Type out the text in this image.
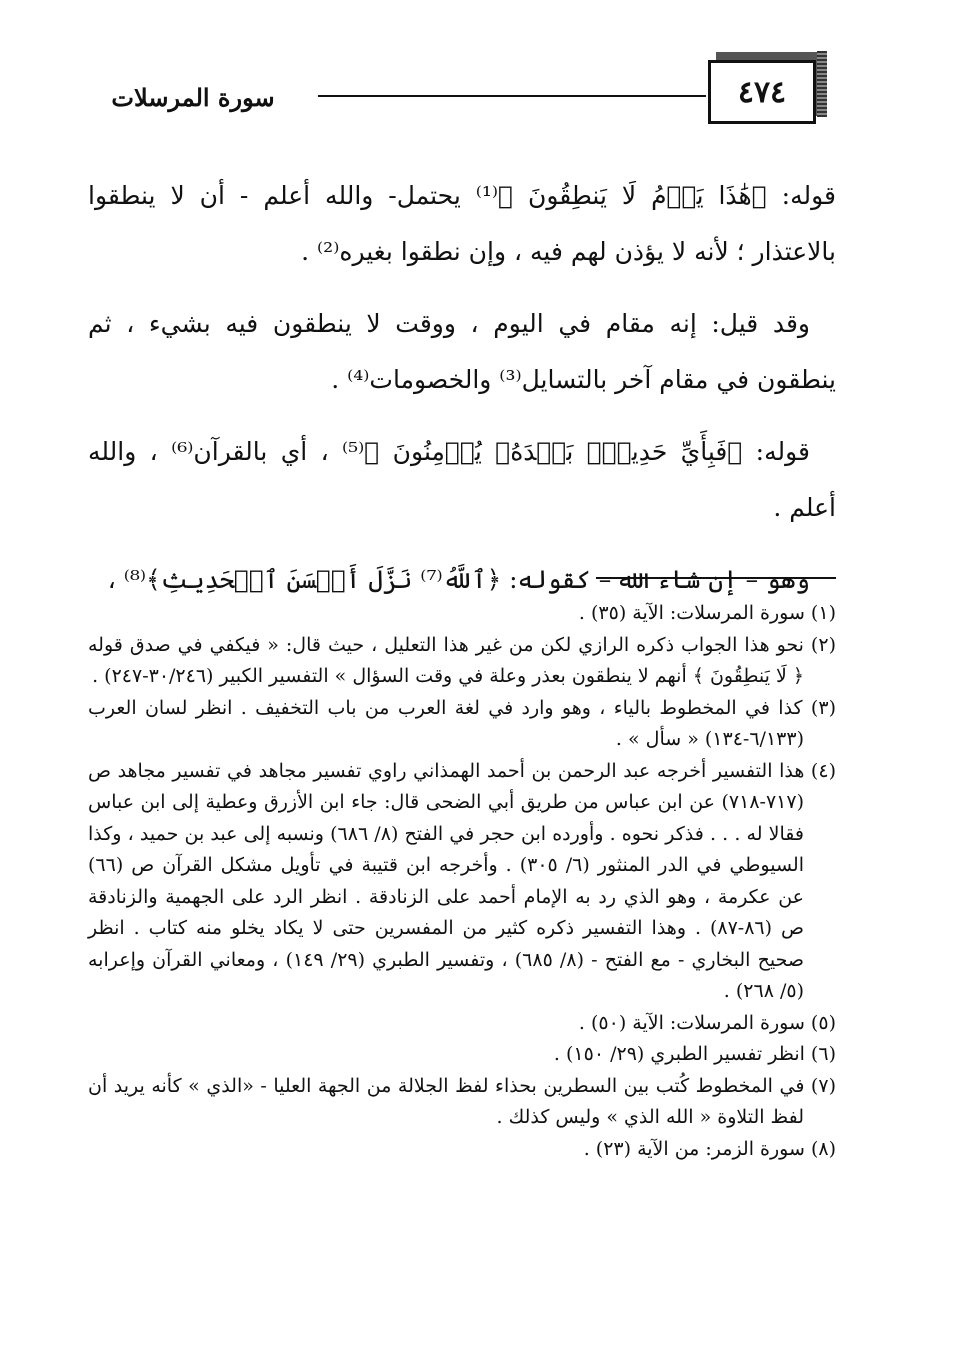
٤٧٤
سورة المرسلات

قوله: ﴿هَٰذَا يَوۡمُ لَا يَنطِقُونَ ﴾⁽¹⁾ يحتمل- والله أعلم - أن لا ينطقوا بالاعتذار ؛ لأنه لا يؤذن لهم فيه ، وإن نطقوا بغيره⁽²⁾ .

وقد قيل: إنه مقام في اليوم ، ووقت لا ينطقون فيه بشيء ، ثم ينطقون في مقام آخر بالتسايل⁽³⁾ والخصومات⁽⁴⁾ .

قوله: ﴿فَبِأَيِّ حَدِيثِۭ بَعۡدَهُۥ يُؤۡمِنُونَ ﴾⁽⁵⁾ ، أي بالقرآن⁽⁶⁾ ، والله أعلم .

وهو – إن شاء الله – كقوله: ﴿ٱللَّهُ⁽⁷⁾ نَزَّلَ أَحۡسَنَ ٱلۡحَدِيثِ﴾⁽⁸⁾ ،

(١) سورة المرسلات: الآية (٣٥) .

(٢) نحو هذا الجواب ذكره الرازي لكن من غير هذا التعليل ، حيث قال: « فيكفي في صدق قوله ﴿ لَا يَنطِقُونَ ﴾ أنهم لا ينطقون بعذر وعلة في وقت السؤال » التفسير الكبير (٣٠/٢٤٦-٢٤٧) .

(٣) كذا في المخطوط بالياء ، وهو وارد في لغة العرب من باب التخفيف . انظر لسان العرب (٦/١٣٣-١٣٤) « سأل » .

(٤) هذا التفسير أخرجه عبد الرحمن بن أحمد الهمذاني راوي تفسير مجاهد في تفسير مجاهد ص (٧١٧-٧١٨) عن ابن عباس من طريق أبي الضحى قال: جاء ابن الأزرق وعطية إلى ابن عباس فقالا له . . . فذكر نحوه . وأورده ابن حجر في الفتح (٨/ ٦٨٦) ونسبه إلى عبد بن حميد ، وكذا السيوطي في الدر المنثور (٦/ ٣٠٥) . وأخرجه ابن قتيبة في تأويل مشكل القرآن ص (٦٦) عن عكرمة ، وهو الذي رد به الإمام أحمد على الزنادقة . انظر الرد على الجهمية والزنادقة ص (٨٦-٨٧) . وهذا التفسير ذكره كثير من المفسرين حتى لا يكاد يخلو منه كتاب . انظر صحيح البخاري - مع الفتح - (٨/ ٦٨٥) ، وتفسير الطبري (٢٩/ ١٤٩) ، ومعاني القرآن وإعرابه (٥/ ٢٦٨) .

(٥) سورة المرسلات: الآية (٥٠) .

(٦) انظر تفسير الطبري (٢٩/ ١٥٠) .

(٧) في المخطوط كُتب بين السطرين بحذاء لفظ الجلالة من الجهة العليا - «الذي » كأنه يريد أن لفظ التلاوة « الله الذي » وليس كذلك .

(٨) سورة الزمر: من الآية (٢٣) .
